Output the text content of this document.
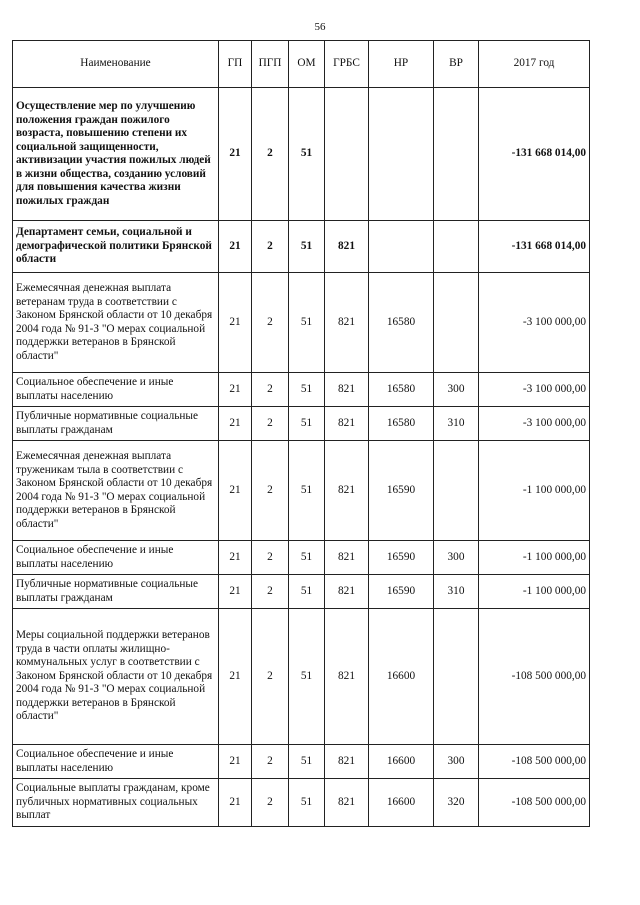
56
Наименование	ГП	ПГП	ОМ	ГРБС	НР	ВР	2017 год
Осуществление мер по улучшению положения граждан пожилого возраста, повышению степени их социальной защищенности, активизации участия пожилых людей в жизни общества, созданию условий для повышения качества жизни пожилых граждан	21	2	51				-131 668 014,00
Департамент семьи, социальной и демографической политики Брянской области	21	2	51	821			-131 668 014,00
Ежемесячная денежная выплата ветеранам труда в соответствии с Законом Брянской области от 10 декабря 2004 года № 91-З "О мерах социальной поддержки ветеранов в Брянской области"	21	2	51	821	16580		-3 100 000,00
Социальное обеспечение и иные выплаты населению	21	2	51	821	16580	300	-3 100 000,00
Публичные нормативные социальные выплаты гражданам	21	2	51	821	16580	310	-3 100 000,00
Ежемесячная денежная выплата труженикам тыла в соответствии с Законом Брянской области от 10 декабря 2004 года № 91-З "О мерах социальной поддержки ветеранов в Брянской области"	21	2	51	821	16590		-1 100 000,00
Социальное обеспечение и иные выплаты населению	21	2	51	821	16590	300	-1 100 000,00
Публичные нормативные социальные выплаты гражданам	21	2	51	821	16590	310	-1 100 000,00
Меры социальной поддержки ветеранов труда в части оплаты жилищно-коммунальных услуг в соответствии с Законом Брянской области от 10 декабря 2004 года № 91-З "О мерах социальной поддержки ветеранов в Брянской области"	21	2	51	821	16600		-108 500 000,00
Социальное обеспечение и иные выплаты населению	21	2	51	821	16600	300	-108 500 000,00
Социальные выплаты гражданам, кроме публичных нормативных социальных выплат	21	2	51	821	16600	320	-108 500 000,00
